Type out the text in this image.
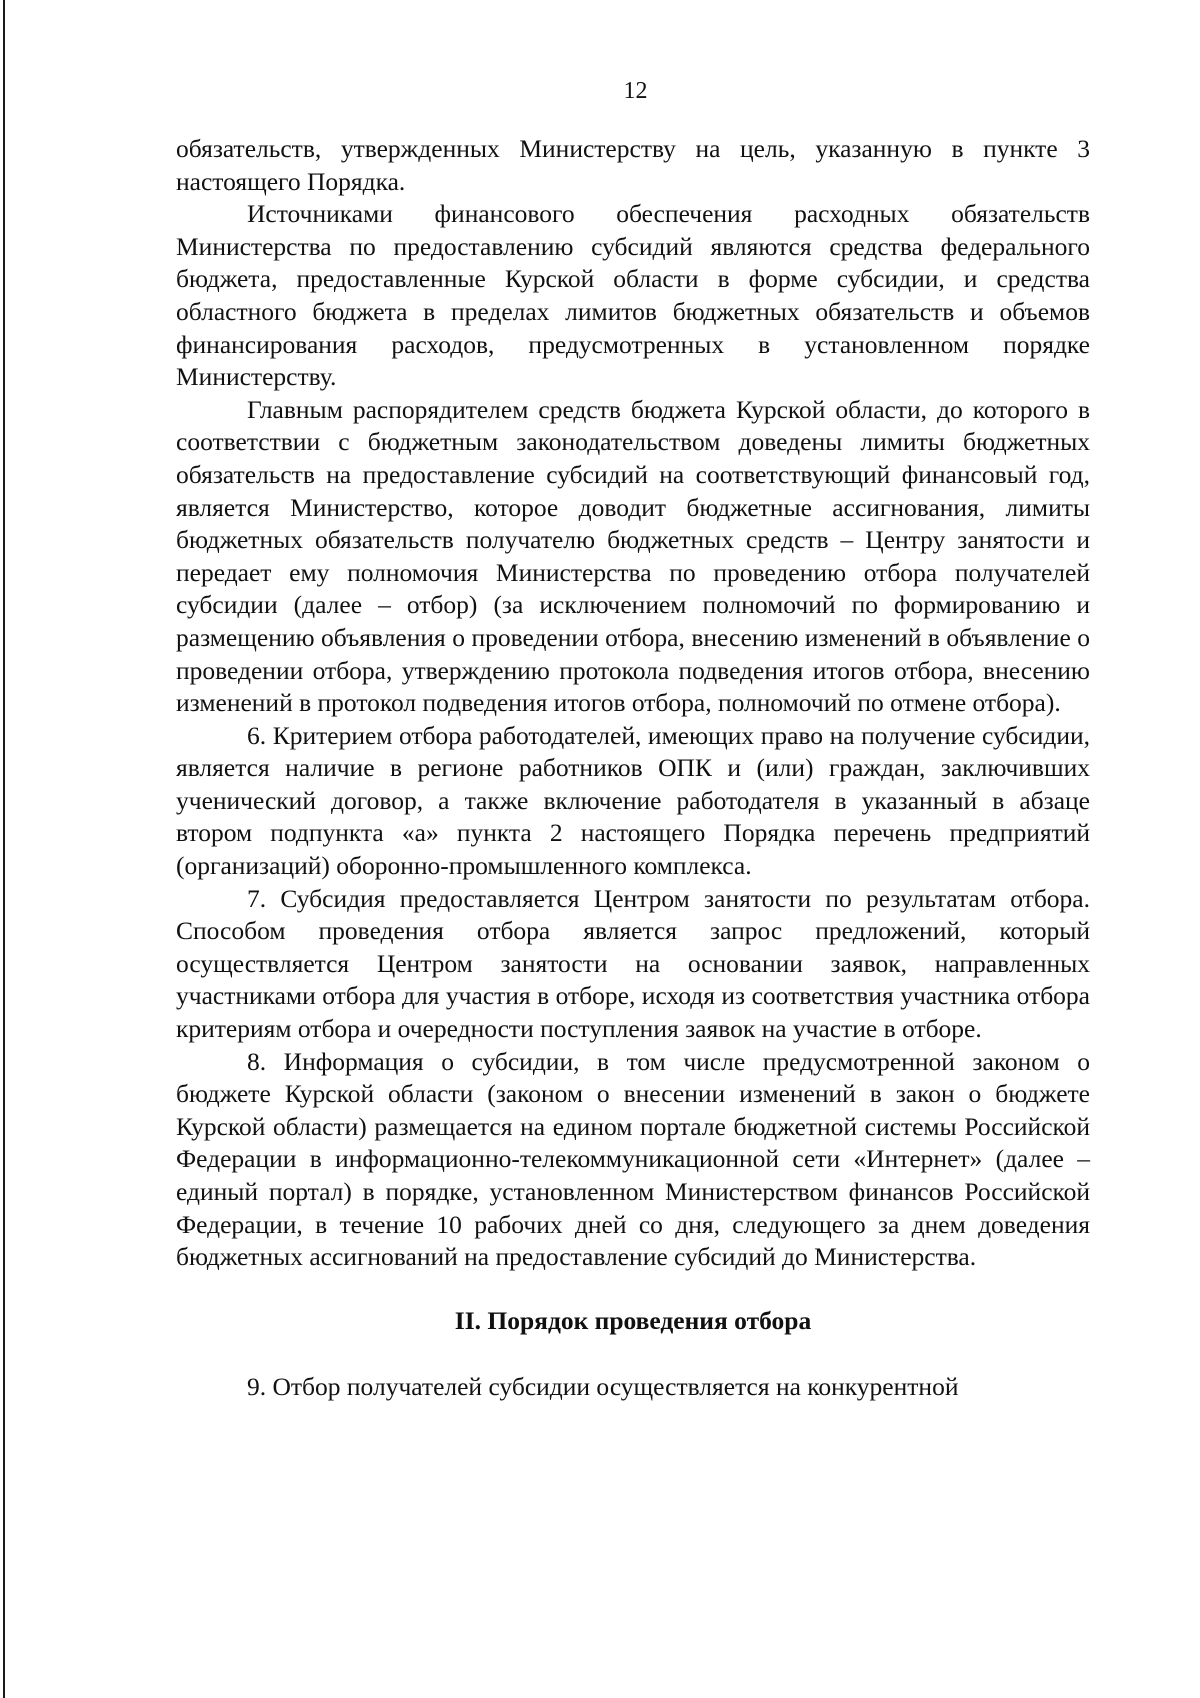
12

обязательств, утвержденных Министерству на цель, указанную в пункте 3 настоящего Порядка.

Источниками финансового обеспечения расходных обязательств Министерства по предоставлению субсидий являются средства федерального бюджета, предоставленные Курской области в форме субсидии, и средства областного бюджета в пределах лимитов бюджетных обязательств и объемов финансирования расходов, предусмотренных в установленном порядке Министерству.

Главным распорядителем средств бюджета Курской области, до которого в соответствии с бюджетным законодательством доведены лимиты бюджетных обязательств на предоставление субсидий на соответствующий финансовый год, является Министерство, которое доводит бюджетные ассигнования, лимиты бюджетных обязательств получателю бюджетных средств – Центру занятости и передает ему полномочия Министерства по проведению отбора получателей субсидии (далее – отбор) (за исключением полномочий по формированию и размещению объявления о проведении отбора, внесению изменений в объявление о проведении отбора, утверждению протокола подведения итогов отбора, внесению изменений в протокол подведения итогов отбора, полномочий по отмене отбора).

6. Критерием отбора работодателей, имеющих право на получение субсидии, является наличие в регионе работников ОПК и (или) граждан, заключивших ученический договор, а также включение работодателя в указанный в абзаце втором подпункта «а» пункта 2 настоящего Порядка перечень предприятий (организаций) оборонно-промышленного комплекса.

7. Субсидия предоставляется Центром занятости по результатам отбора. Способом проведения отбора является запрос предложений, который осуществляется Центром занятости на основании заявок, направленных участниками отбора для участия в отборе, исходя из соответствия участника отбора критериям отбора и очередности поступления заявок на участие в отборе.

8. Информация о субсидии, в том числе предусмотренной законом о бюджете Курской области (законом о внесении изменений в закон о бюджете Курской области) размещается на едином портале бюджетной системы Российской Федерации в информационно-телекоммуникационной сети «Интернет» (далее – единый портал) в порядке, установленном Министерством финансов Российской Федерации, в течение 10 рабочих дней со дня, следующего за днем доведения бюджетных ассигнований на предоставление субсидий до Министерства.

II. Порядок проведения отбора

9. Отбор получателей субсидии осуществляется на конкурентной
